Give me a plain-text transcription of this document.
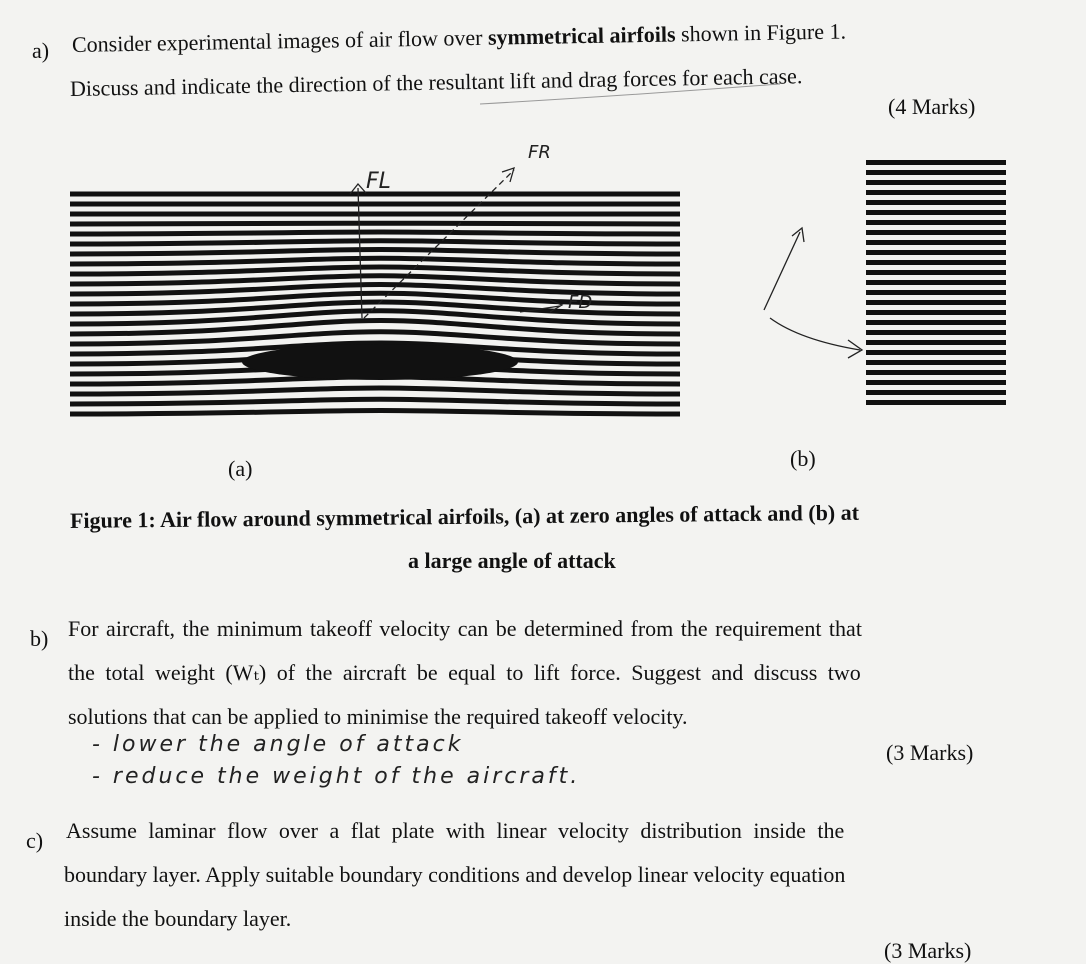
a) Consider experimental images of air flow over symmetrical airfoils shown in Figure 1.
Discuss and indicate the direction of the resultant lift and drag forces for each case.
(4 Marks)
FL
FR
FD
(a)	(b)
Figure 1: Air flow around symmetrical airfoils, (a) at zero angles of attack and (b) at
a large angle of attack
b) For aircraft, the minimum takeoff velocity can be determined from the requirement that
the total weight (Wₜ) of the aircraft be equal to lift force. Suggest and discuss two
solutions that can be applied to minimise the required takeoff velocity.
- lower the angle of attack
- reduce the weight of the aircraft.
(3 Marks)
c) Assume laminar flow over a flat plate with linear velocity distribution inside the
boundary layer. Apply suitable boundary conditions and develop linear velocity equation
inside the boundary layer.
(3 Marks)
